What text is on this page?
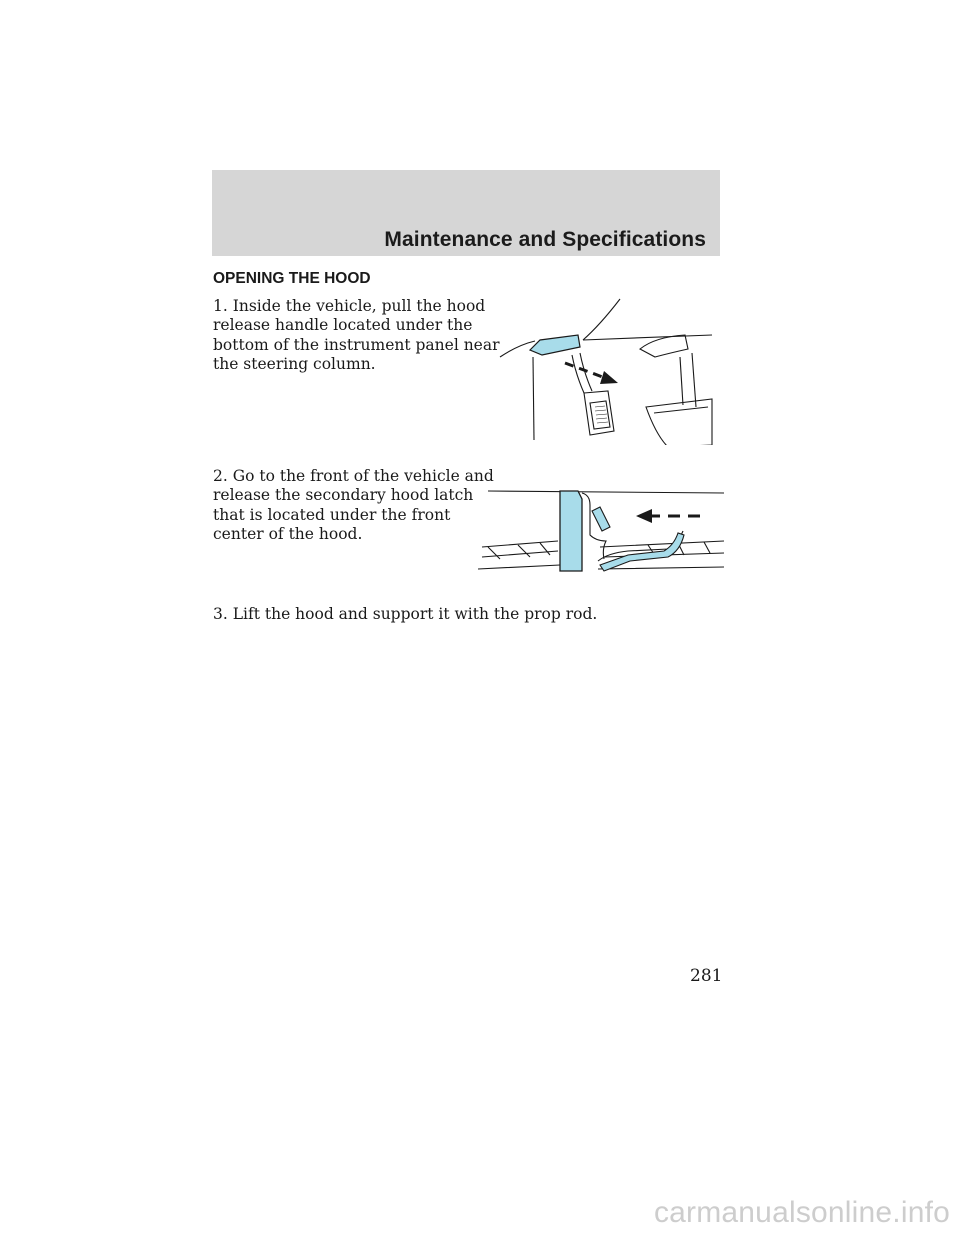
Maintenance and Specifications
OPENING THE HOOD
1. Inside the vehicle, pull the hood
release handle located under the
bottom of the instrument panel near
the steering column.
2. Go to the front of the vehicle and
release the secondary hood latch
that is located under the front
center of the hood.
3. Lift the hood and support it with the prop rod.
281
carmanualsonline.info
